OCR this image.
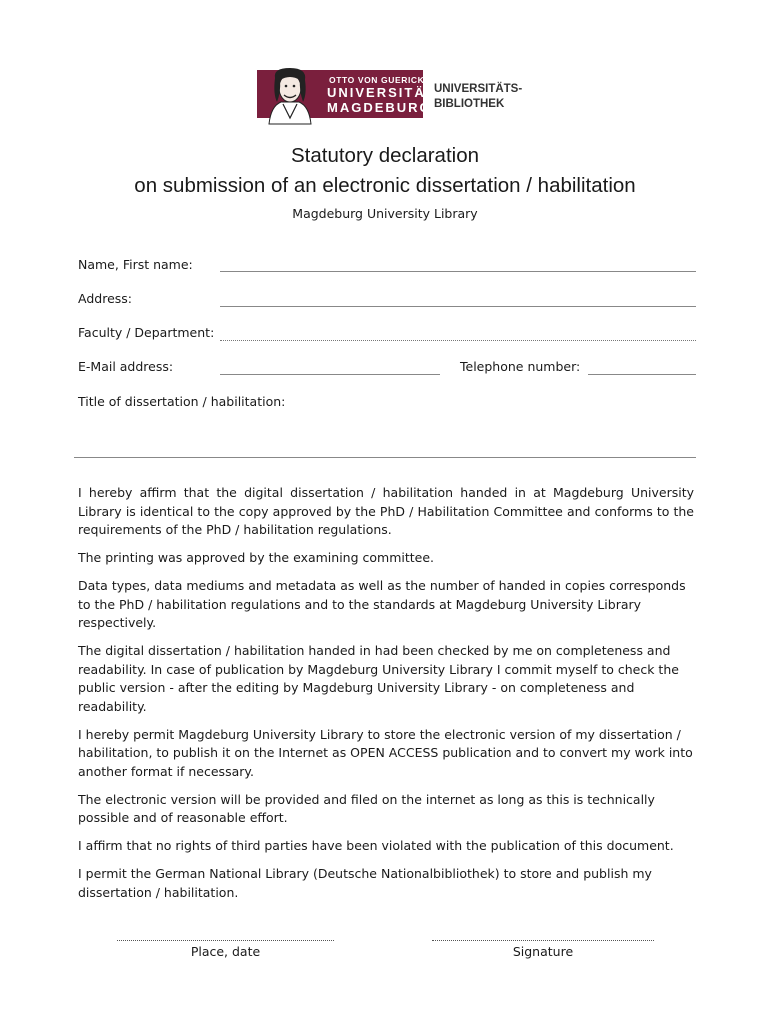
OTTO VON GUERICKE
UNIVERSITÄT
MAGDEBURG
UNIVERSITÄTS-
BIBLIOTHEK
Statutory declaration
on submission of an electronic dissertation / habilitation
Magdeburg University Library
Name, First name:
Address:
Faculty / Department:
E-Mail address:	Telephone number:
Title of dissertation / habilitation:

I hereby affirm that the digital dissertation / habilitation handed in at Magdeburg University Library is identical to the copy approved by the PhD / Habilitation Committee and conforms to the requirements of the PhD / habilitation regulations.

The printing was approved by the examining committee.

Data types, data mediums and metadata as well as the number of handed in copies corresponds to the PhD / habilitation regulations and to the standards at Magdeburg University Library respectively.

The digital dissertation / habilitation handed in had been checked by me on completeness and readability. In case of publication by Magdeburg University Library I commit myself to check the public version - after the editing by Magdeburg University Library - on completeness and readability.

I hereby permit Magdeburg University Library to store the electronic version of my dissertation / habilitation, to publish it on the Internet as OPEN ACCESS publication and to convert my work into another format if necessary.

The electronic version will be provided and filed on the internet as long as this is technically possible and of reasonable effort.

I affirm that no rights of third parties have been violated with the publication of this document.

I permit the German National Library (Deutsche Nationalbibliothek) to store and publish my dissertation / habilitation.

Place, date	Signature
